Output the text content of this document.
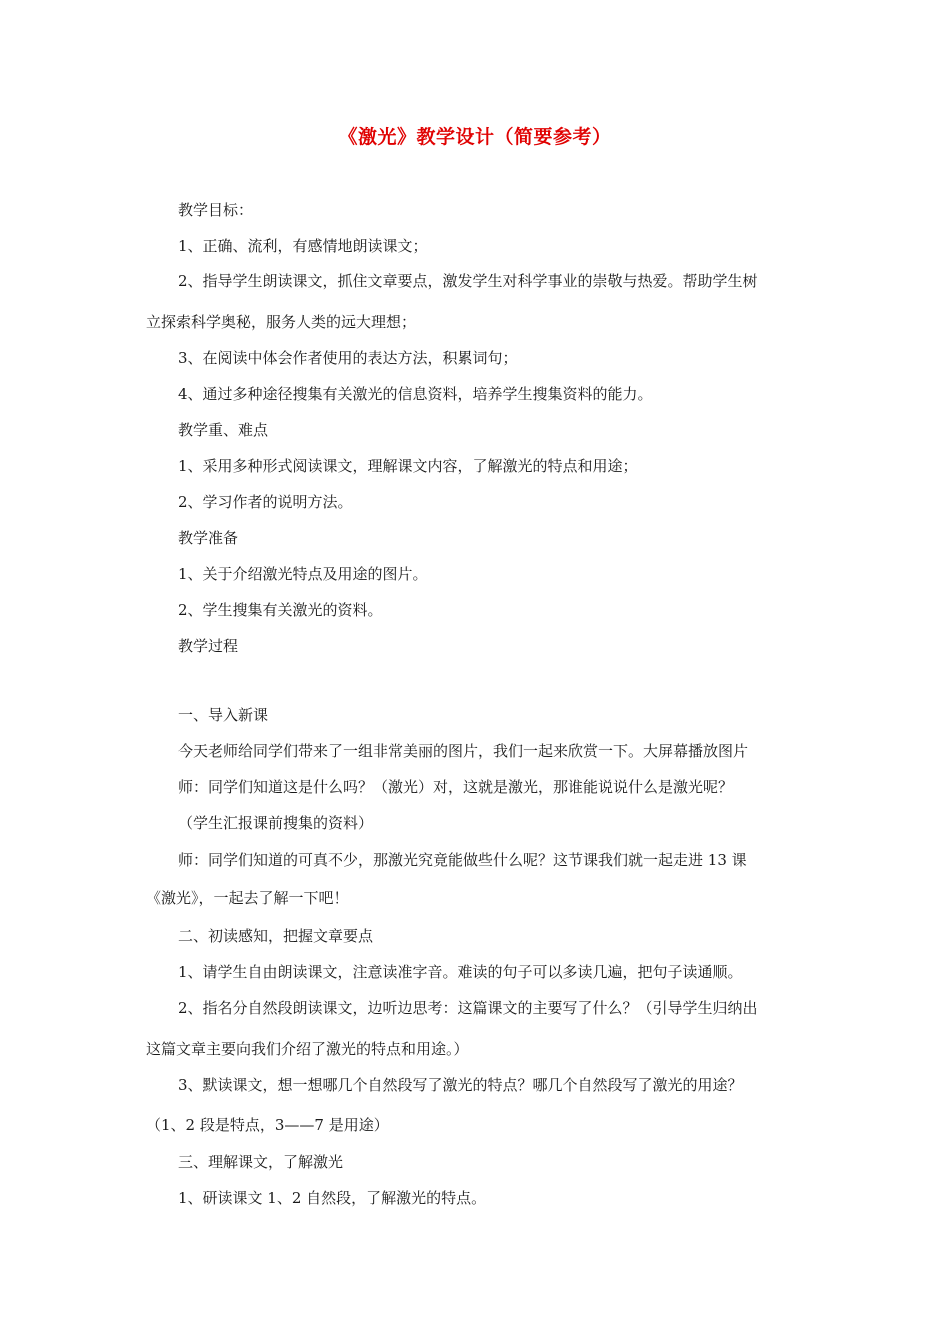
《激光》教学设计（简要参考）
教学目标：
1、正确、流利，有感情地朗读课文；
2、指导学生朗读课文，抓住文章要点，激发学生对科学事业的崇敬与热爱。帮助学生树
立探索科学奥秘，服务人类的远大理想；
3、在阅读中体会作者使用的表达方法，积累词句；
4、通过多种途径搜集有关激光的信息资料，培养学生搜集资料的能力。
教学重、难点
1、采用多种形式阅读课文，理解课文内容，了解激光的特点和用途；
2、学习作者的说明方法。
教学准备
1、关于介绍激光特点及用途的图片。
2、学生搜集有关激光的资料。
教学过程
一、导入新课
今天老师给同学们带来了一组非常美丽的图片，我们一起来欣赏一下。大屏幕播放图片
师：同学们知道这是什么吗？（激光）对，这就是激光，那谁能说说什么是激光呢？
（学生汇报课前搜集的资料）
师：同学们知道的可真不少，那激光究竟能做些什么呢？这节课我们就一起走进 13 课
《激光》，一起去了解一下吧！
二、初读感知，把握文章要点
1、请学生自由朗读课文，注意读准字音。难读的句子可以多读几遍，把句子读通顺。
2、指名分自然段朗读课文，边听边思考：这篇课文的主要写了什么？（引导学生归纳出
这篇文章主要向我们介绍了激光的特点和用途。）
3、默读课文，想一想哪几个自然段写了激光的特点？哪几个自然段写了激光的用途？
（1、2 段是特点，3——7 是用途）
三、理解课文，了解激光
1、研读课文 1、2 自然段，了解激光的特点。
